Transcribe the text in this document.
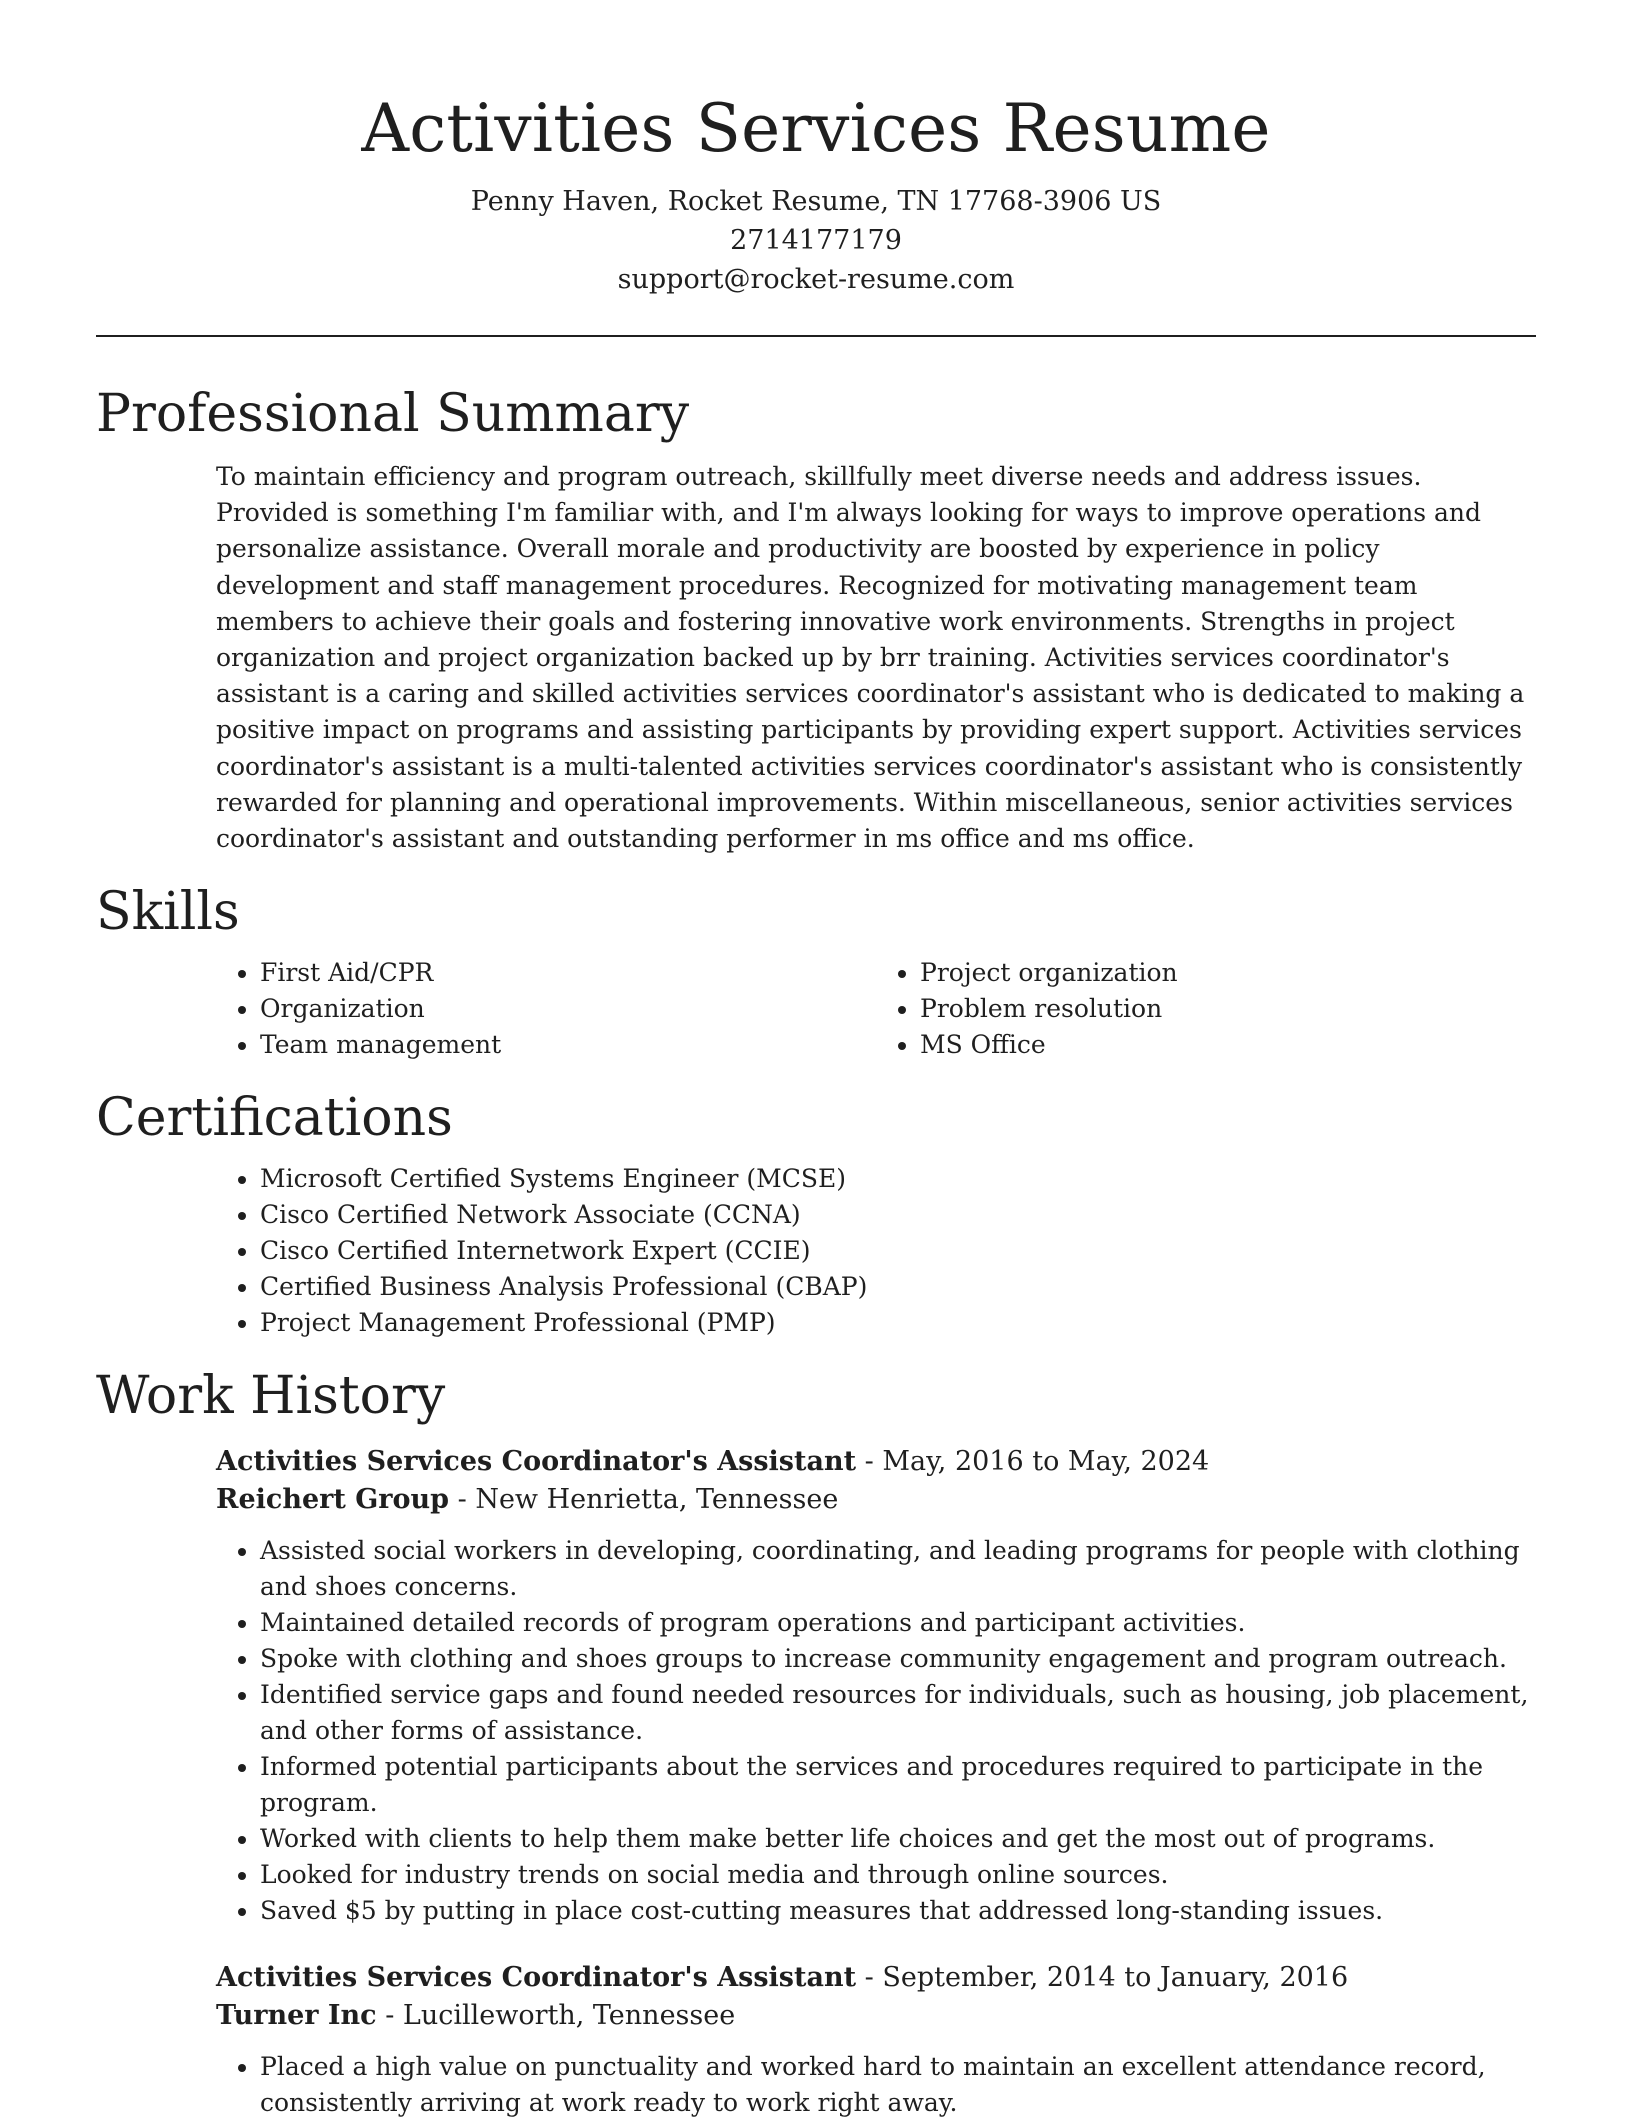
Activities Services Resume
Penny Haven, Rocket Resume, TN 17768-3906 US
2714177179
support@rocket-resume.com
Professional Summary

To maintain efficiency and program outreach, skillfully meet diverse needs and address issues. Provided is something I'm familiar with, and I'm always looking for ways to improve operations and personalize assistance. Overall morale and productivity are boosted by experience in policy development and staff management procedures. Recognized for motivating management team members to achieve their goals and fostering innovative work environments. Strengths in project organization and project organization backed up by brr training. Activities services coordinator's assistant is a caring and skilled activities services coordinator's assistant who is dedicated to making a positive impact on programs and assisting participants by providing expert support. Activities services coordinator's assistant is a multi-talented activities services coordinator's assistant who is consistently rewarded for planning and operational improvements. Within miscellaneous, senior activities services coordinator's assistant and outstanding performer in ms office and ms office.

Skills
• First Aid/CPR
• Organization
• Team management
• Project organization
• Problem resolution
• MS Office
Certifications
• Microsoft Certified Systems Engineer (MCSE)
• Cisco Certified Network Associate (CCNA)
• Cisco Certified Internetwork Expert (CCIE)
• Certified Business Analysis Professional (CBAP)
• Project Management Professional (PMP)
Work History
Activities Services Coordinator's Assistant - May, 2016 to May, 2024
Reichert Group - New Henrietta, Tennessee
• Assisted social workers in developing, coordinating, and leading programs for people with clothing and shoes concerns.
• Maintained detailed records of program operations and participant activities.
• Spoke with clothing and shoes groups to increase community engagement and program outreach.
• Identified service gaps and found needed resources for individuals, such as housing, job placement, and other forms of assistance.
• Informed potential participants about the services and procedures required to participate in the program.
• Worked with clients to help them make better life choices and get the most out of programs.
• Looked for industry trends on social media and through online sources.
• Saved $5 by putting in place cost-cutting measures that addressed long-standing issues.
Activities Services Coordinator's Assistant - September, 2014 to January, 2016
Turner Inc - Lucilleworth, Tennessee
• Placed a high value on punctuality and worked hard to maintain an excellent attendance record, consistently arriving at work ready to work right away.
